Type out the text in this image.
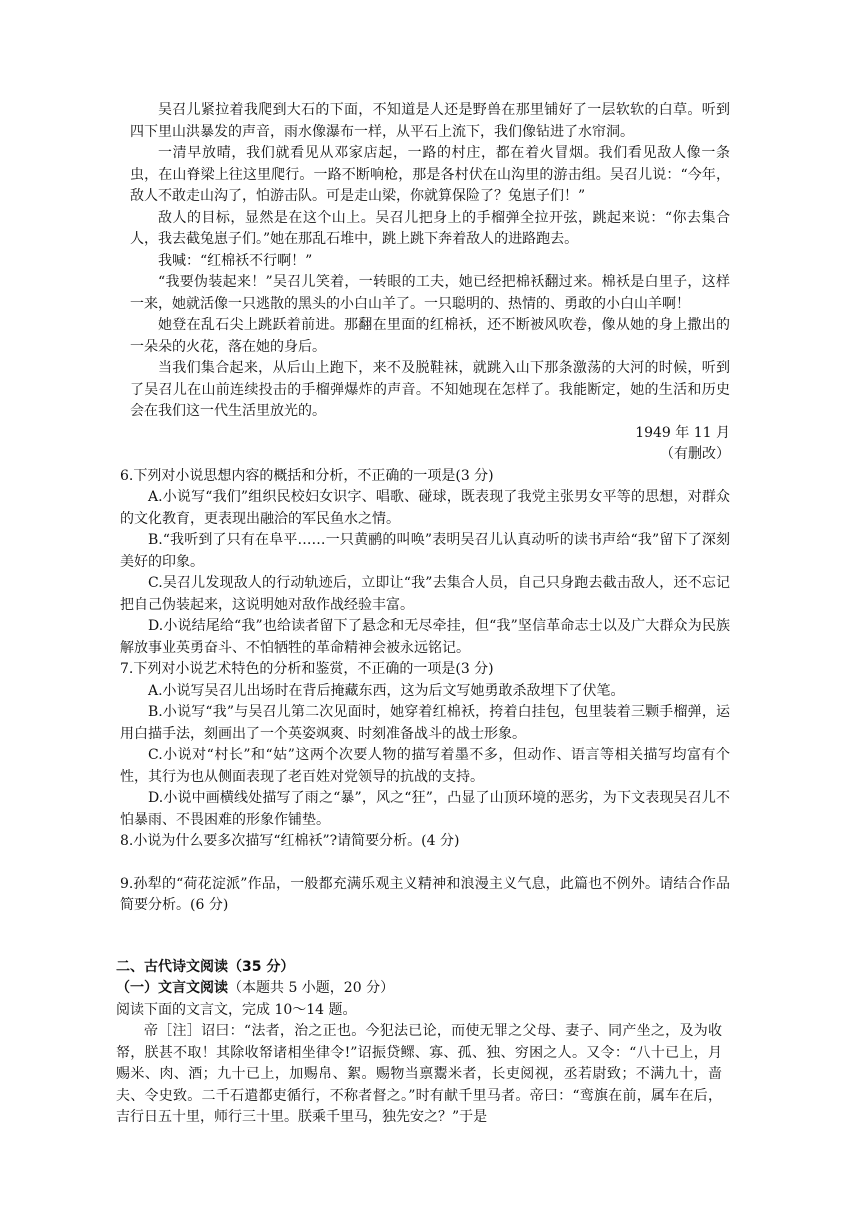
吴召儿紧拉着我爬到大石的下面，不知道是人还是野兽在那里铺好了一层软软的白草。听到四下里山洪暴发的声音，雨水像瀑布一样，从平石上流下，我们像钻进了水帘洞。

一清早放晴，我们就看见从邓家店起，一路的村庄，都在着火冒烟。我们看见敌人像一条虫，在山脊梁上往这里爬行。一路不断响枪，那是各村伏在山沟里的游击组。吴召儿说：“今年，敌人不敢走山沟了，怕游击队。可是走山梁，你就算保险了？兔崽子们！”

敌人的目标，显然是在这个山上。吴召儿把身上的手榴弹全拉开弦，跳起来说：“你去集合人，我去截兔崽子们。”她在那乱石堆中，跳上跳下奔着敌人的进路跑去。

我喊：“红棉袄不行啊！”

“我要伪装起来！”吴召儿笑着，一转眼的工夫，她已经把棉袄翻过来。棉袄是白里子，这样一来，她就活像一只逃散的黑头的小白山羊了。一只聪明的、热情的、勇敢的小白山羊啊！

她登在乱石尖上跳跃着前进。那翻在里面的红棉袄，还不断被风吹卷，像从她的身上撒出的一朵朵的火花，落在她的身后。

当我们集合起来，从后山上跑下，来不及脱鞋袜，就跳入山下那条激荡的大河的时候，听到了吴召儿在山前连续投击的手榴弹爆炸的声音。不知她现在怎样了。我能断定，她的生活和历史会在我们这一代生活里放光的。

1949 年 11 月

（有删改）

6.下列对小说思想内容的概括和分析，不正确的一项是(3 分)

A.小说写“我们”组织民校妇女识字、唱歌、碰球，既表现了我党主张男女平等的思想，对群众的文化教育，更表现出融洽的军民鱼水之情。

B.“我听到了只有在阜平……一只黄鹂的叫唤”表明吴召儿认真动听的读书声给“我”留下了深刻美好的印象。

C.吴召儿发现敌人的行动轨迹后，立即让“我”去集合人员，自己只身跑去截击敌人，还不忘记把自己伪装起来，这说明她对敌作战经验丰富。

D.小说结尾给“我”也给读者留下了悬念和无尽牵挂，但“我”坚信革命志士以及广大群众为民族解放事业英勇奋斗、不怕牺牲的革命精神会被永远铭记。

7.下列对小说艺术特色的分析和鉴赏，不正确的一项是(3 分)

A.小说写吴召儿出场时在背后掩藏东西，这为后文写她勇敢杀敌埋下了伏笔。

B.小说写“我”与吴召儿第二次见面时，她穿着红棉袄，挎着白挂包，包里装着三颗手榴弹，运用白描手法，刻画出了一个英姿飒爽、时刻准备战斗的战士形象。

C.小说对“村长”和“姑”这两个次要人物的描写着墨不多，但动作、语言等相关描写均富有个性，其行为也从侧面表现了老百姓对党领导的抗战的支持。

D.小说中画横线处描写了雨之“暴”，风之“狂”，凸显了山顶环境的恶劣，为下文表现吴召儿不怕暴雨、不畏困难的形象作铺垫。

8.小说为什么要多次描写“红棉袄”?请简要分析。(4 分)

9.孙犁的“荷花淀派”作品，一般都充满乐观主义精神和浪漫主义气息，此篇也不例外。请结合作品简要分析。(6 分)

二、古代诗文阅读（35 分）

（一）文言文阅读（本题共 5 小题，20 分）

阅读下面的文言文，完成 10～14 题。

帝［注］诏曰：“法者，治之正也。今犯法已论，而使无罪之父母、妻子、同产坐之，及为收帑，朕甚不取！其除收帑诸相坐律令!”诏振贷鳏、寡、孤、独、穷困之人。又令：“八十已上，月赐米、肉、酒；九十已上，加赐帛、絮。赐物当禀鬻米者，长吏阅视，丞若尉致；不满九十，啬夫、令史致。二千石遣都吏循行，不称者督之。”时有献千里马者。帝曰：“鸾旗在前，属车在后，吉行日五十里，师行三十里。朕乘千里马，独先安之？”于是
